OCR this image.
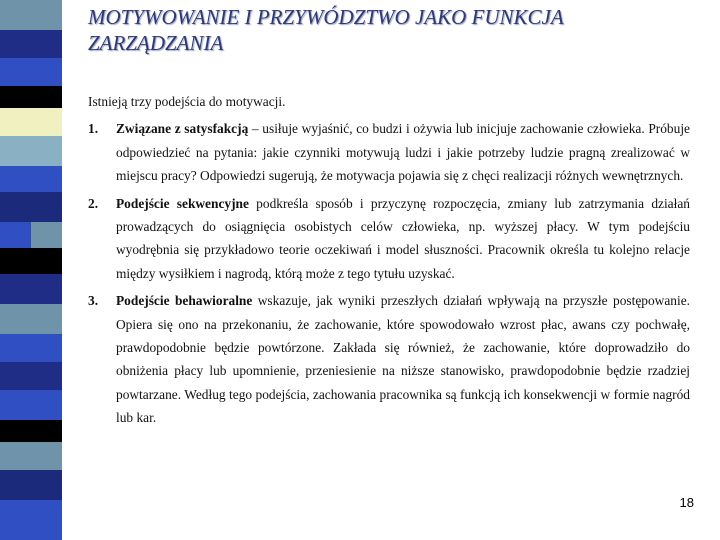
MOTYWOWANIE I PRZYWÓDZTWO JAKO FUNKCJA ZARZĄDZANIA

Istnieją trzy podejścia do motywacji.

1. Związane z satysfakcją – usiłuje wyjaśnić, co budzi i ożywia lub inicjuje zachowanie człowieka. Próbuje odpowiedzieć na pytania: jakie czynniki motywują ludzi i jakie potrzeby ludzie pragną zrealizować w miejscu pracy? Odpowiedzi sugerują, że motywacja pojawia się z chęci realizacji różnych wewnętrznych.
2. Podejście sekwencyjne podkreśla sposób i przyczynę rozpoczęcia, zmiany lub zatrzymania działań prowadzących do osiągnięcia osobistych celów człowieka, np. wyższej płacy. W tym podejściu wyodrębnia się przykładowo teorie oczekiwań i model słuszności. Pracownik określa tu kolejno relacje między wysiłkiem i nagrodą, którą może z tego tytułu uzyskać.
3. Podejście behawioralne wskazuje, jak wyniki przeszłych działań wpływają na przyszłe postępowanie. Opiera się ono na przekonaniu, że zachowanie, które spowodowało wzrost płac, awans czy pochwałę, prawdopodobnie będzie powtórzone. Zakłada się również, że zachowanie, które doprowadziło do obniżenia płacy lub upomnienie, przeniesienie na niższe stanowisko, prawdopodobnie będzie rzadziej powtarzane. Według tego podejścia, zachowania pracownika są funkcją ich konsekwencji w formie nagród lub kar.
18
